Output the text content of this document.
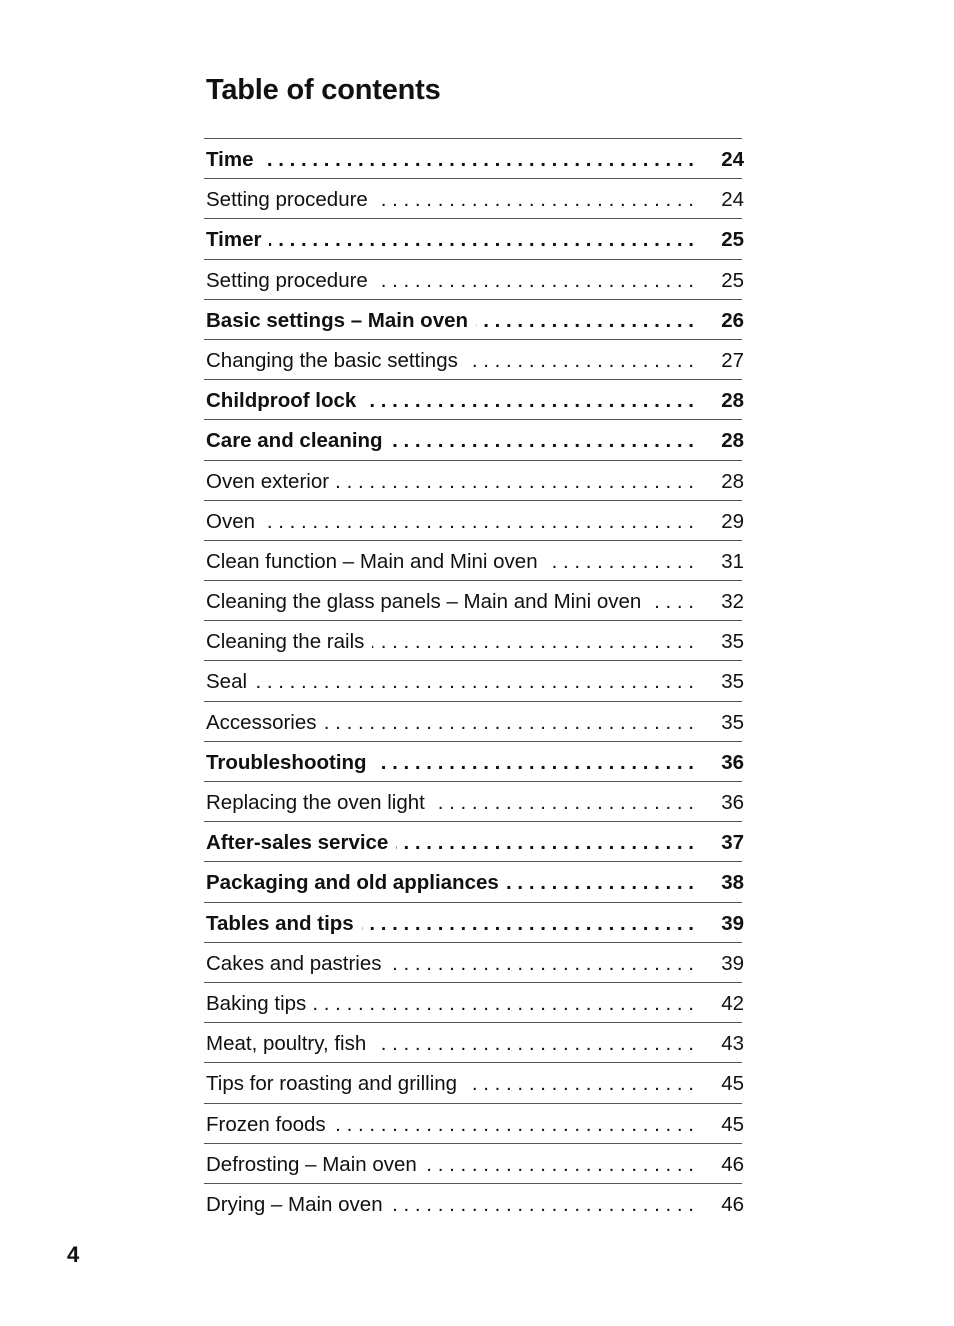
Table of contents
Time . . .	24
Setting procedure . . .	24
Timer . . .	25
Setting procedure . . .	25
Basic settings – Main oven . . .	26
Changing the basic settings . . .	27
Childproof lock . . .	28
Care and cleaning . . .	28
Oven exterior . . .	28
Oven . . .	29
Clean function – Main and Mini oven . . .	31
Cleaning the glass panels – Main and Mini oven . . .	32
Cleaning the rails . . .	35
Seal . . .	35
Accessories . . .	35
Troubleshooting . . .	36
Replacing the oven light . . .	36
After-sales service . . .	37
Packaging and old appliances . . .	38
Tables and tips . . .	39
Cakes and pastries . . .	39
Baking tips . . .	42
Meat, poultry, fish . . .	43
Tips for roasting and grilling . . .	45
Frozen foods . . .	45
Defrosting – Main oven . . .	46
Drying – Main oven . . .	46
4
